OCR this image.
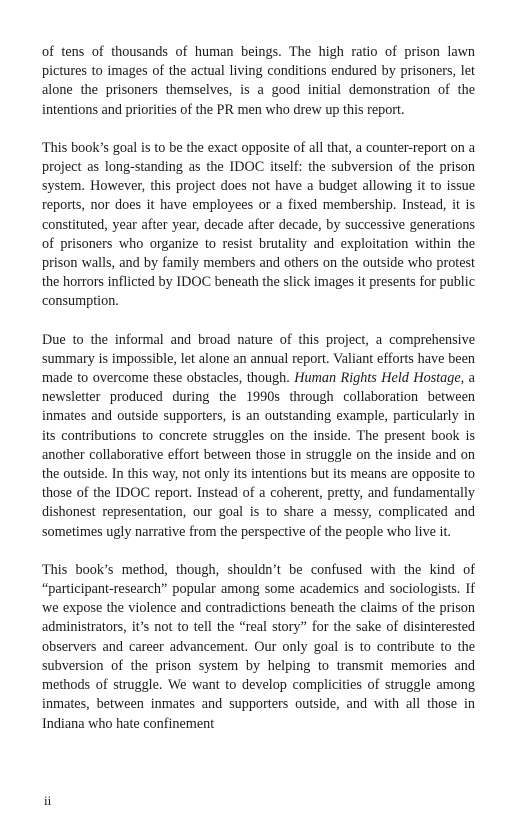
of tens of thousands of human beings. The high ratio of prison lawn pictures to images of the actual living conditions endured by prisoners, let alone the prisoners themselves, is a good initial demonstration of the intentions and priorities of the PR men who drew up this report.

This book’s goal is to be the exact opposite of all that, a counter-report on a project as long-standing as the IDOC itself: the subversion of the prison system. However, this project does not have a budget allowing it to issue reports, nor does it have employees or a fixed membership. Instead, it is constituted, year after year, decade after decade, by successive generations of prisoners who organize to resist brutality and exploitation within the prison walls, and by family members and others on the outside who protest the horrors inflicted by IDOC beneath the slick images it presents for public consumption.

Due to the informal and broad nature of this project, a comprehensive summary is impossible, let alone an annual report. Valiant efforts have been made to overcome these obstacles, though. Human Rights Held Hostage, a newsletter produced during the 1990s through collaboration between inmates and outside supporters, is an outstanding example, particularly in its contributions to concrete struggles on the inside. The present book is another collaborative effort between those in struggle on the inside and on the outside. In this way, not only its intentions but its means are opposite to those of the IDOC report. Instead of a coherent, pretty, and fundamentally dishonest representation, our goal is to share a messy, complicated and sometimes ugly narrative from the perspective of the people who live it.

This book’s method, though, shouldn’t be confused with the kind of “participant-research” popular among some academics and sociologists. If we expose the violence and contradictions beneath the claims of the prison administrators, it’s not to tell the “real story” for the sake of disinterested observers and career advancement. Our only goal is to contribute to the subversion of the prison system by helping to transmit memories and methods of struggle. We want to develop complicities of struggle among inmates, between inmates and supporters outside, and with all those in Indiana who hate confinement

ii
